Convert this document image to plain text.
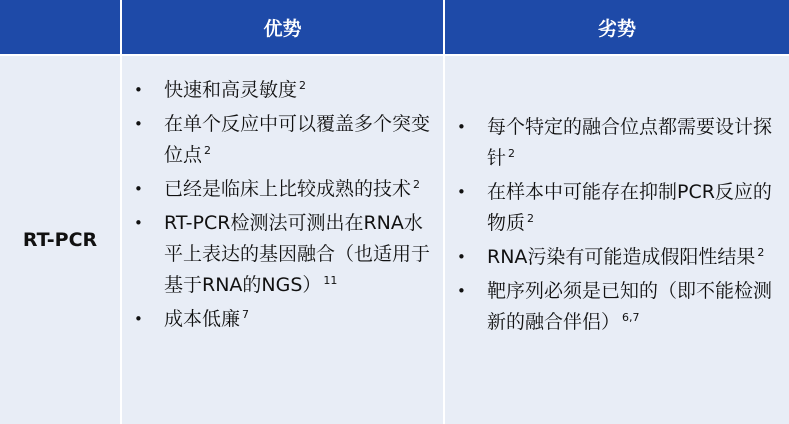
优势	劣势
RT-PCR
• 快速和高灵敏度 $^2$
• 在单个反应中可以覆盖多个突变位点 $^2$
• 已经是临床上比较成熟的技术 $^2$
• RT-PCR检测法可测出在RNA水平上表达的基因融合（也适用于基于RNA的NGS） $^{11}$
• 成本低廉 $^7$
• 每个特定的融合位点都需要设计探针 $^2$
• 在样本中可能存在抑制PCR反应的物质 $^2$
• RNA污染有可能造成假阳性结果 $^2$
• 靶序列必须是已知的（即不能检测新的融合伴侣） $^{6,7}$
